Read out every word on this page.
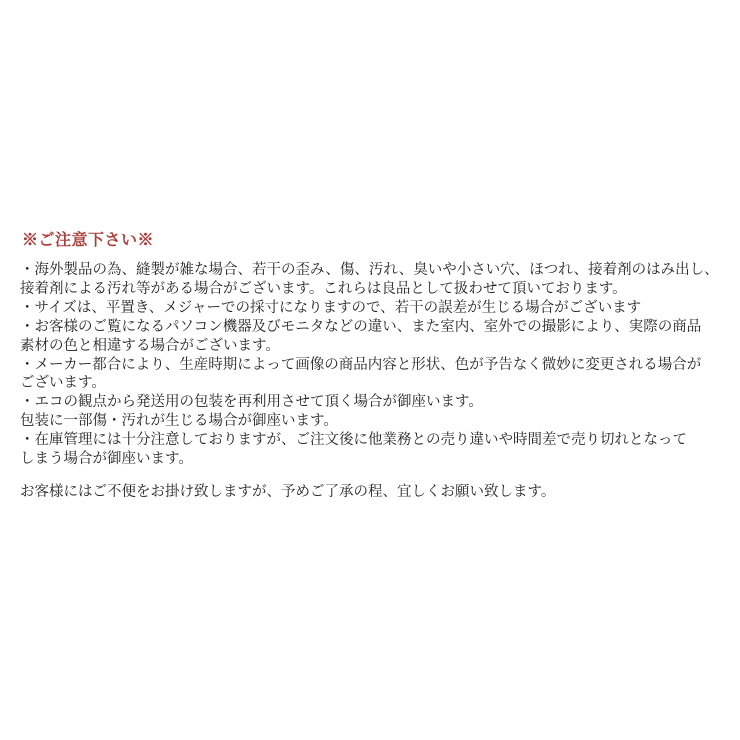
※ご注意下さい※
・海外製品の為、縫製が雑な場合、若干の歪み、傷、汚れ、臭いや小さい穴、ほつれ、接着剤のはみ出し、
接着剤による汚れ等がある場合がございます。これらは良品として扱わせて頂いております。
・サイズは、平置き、メジャーでの採寸になりますので、若干の誤差が生じる場合がございます
・お客様のご覧になるパソコン機器及びモニタなどの違い、また室内、室外での撮影により、実際の商品
素材の色と相違する場合がございます。
・メーカー都合により、生産時期によって画像の商品内容と形状、色が予告なく微妙に変更される場合が
ございます。
・エコの観点から発送用の包装を再利用させて頂く場合が御座います。
包装に一部傷・汚れが生じる場合が御座います。
・在庫管理には十分注意しておりますが、ご注文後に他業務との売り違いや時間差で売り切れとなって
しまう場合が御座います。
お客様にはご不便をお掛け致しますが、予めご了承の程、宜しくお願い致します。
